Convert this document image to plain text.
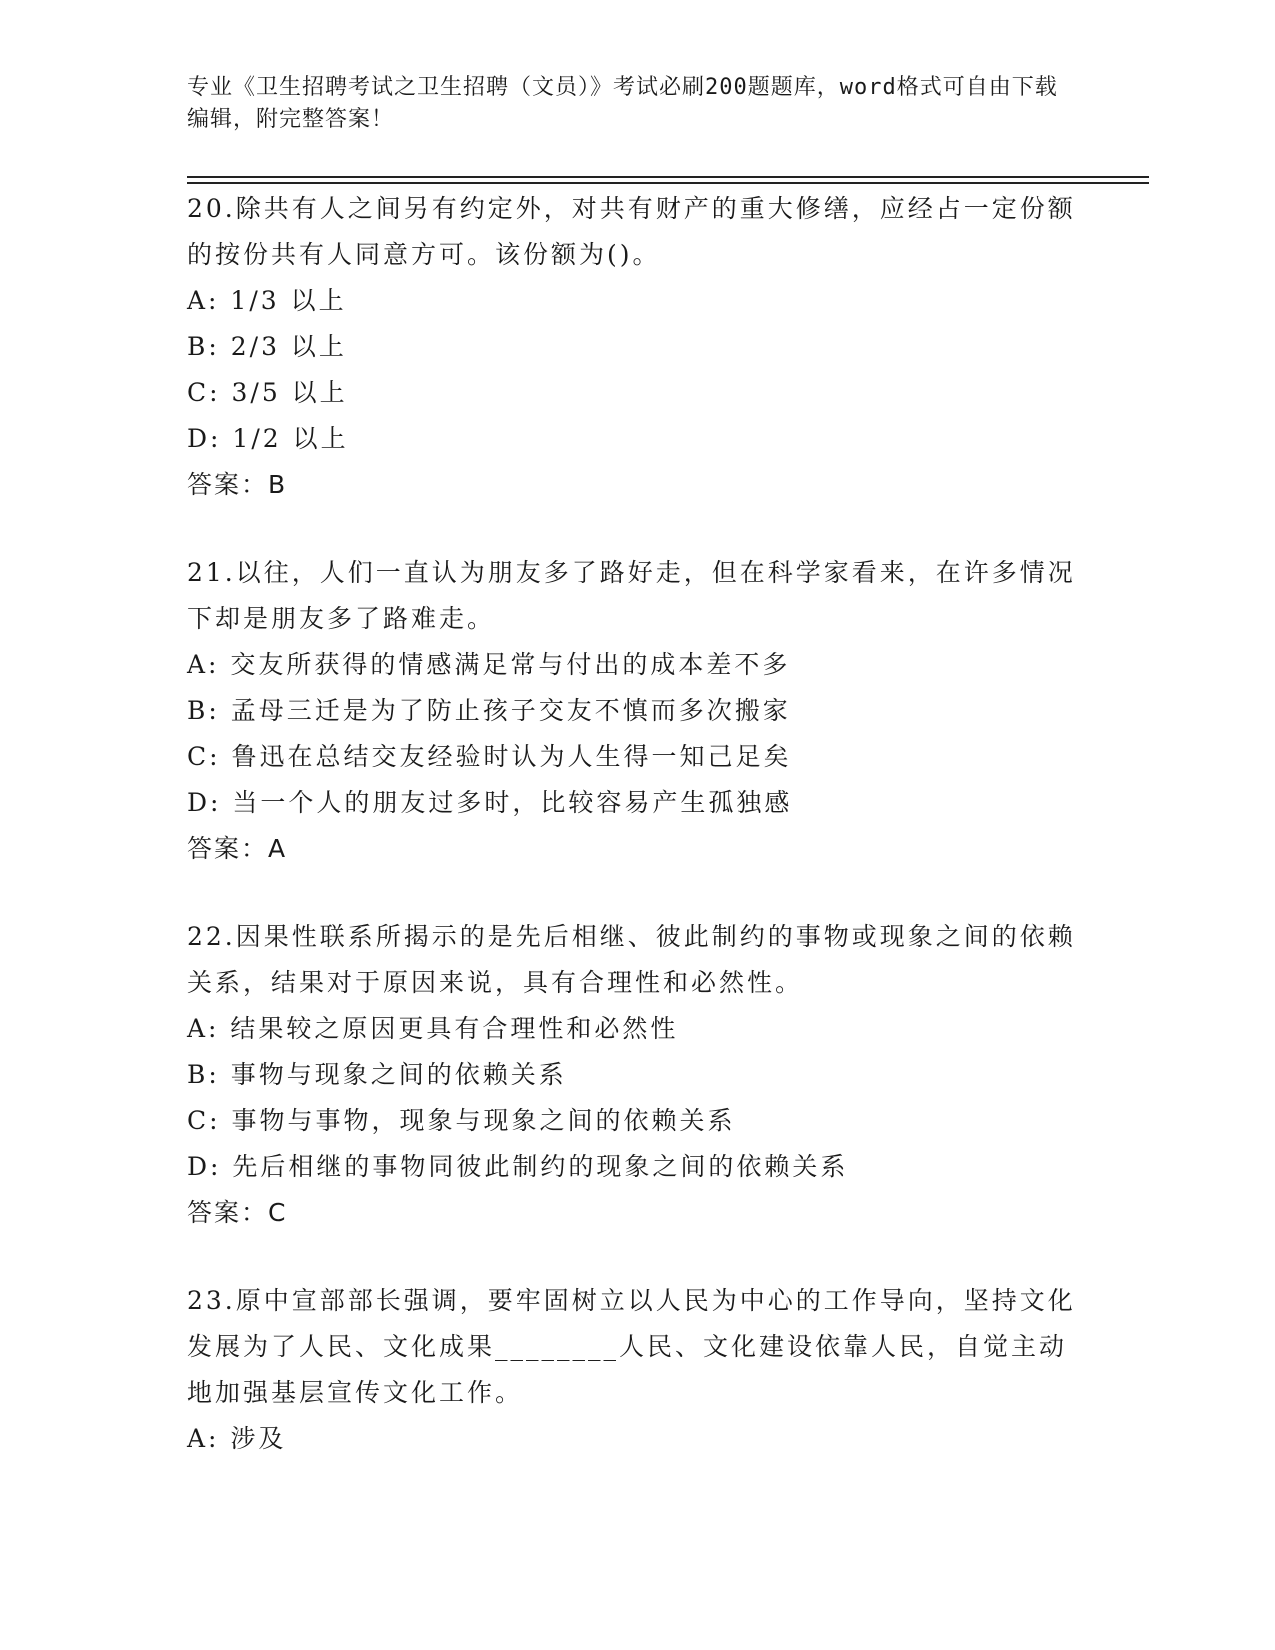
专业《卫生招聘考试之卫生招聘（文员）》考试必刷200题题库，word格式可自由下载编辑，附完整答案！

20.除共有人之间另有约定外，对共有财产的重大修缮，应经占一定份额的按份共有人同意方可。该份额为()。

A: 1/3 以上

B: 2/3 以上

C: 3/5 以上

D: 1/2 以上

答案：B

21.以往，人们一直认为朋友多了路好走，但在科学家看来，在许多情况下却是朋友多了路难走。

A: 交友所获得的情感满足常与付出的成本差不多

B: 孟母三迁是为了防止孩子交友不慎而多次搬家

C: 鲁迅在总结交友经验时认为人生得一知己足矣

D: 当一个人的朋友过多时，比较容易产生孤独感

答案：A

22.因果性联系所揭示的是先后相继、彼此制约的事物或现象之间的依赖关系，结果对于原因来说，具有合理性和必然性。

A: 结果较之原因更具有合理性和必然性

B: 事物与现象之间的依赖关系

C: 事物与事物，现象与现象之间的依赖关系

D: 先后相继的事物同彼此制约的现象之间的依赖关系

答案：C

23.原中宣部部长强调，要牢固树立以人民为中心的工作导向，坚持文化发展为了人民、文化成果________人民、文化建设依靠人民，自觉主动地加强基层宣传文化工作。

A: 涉及
